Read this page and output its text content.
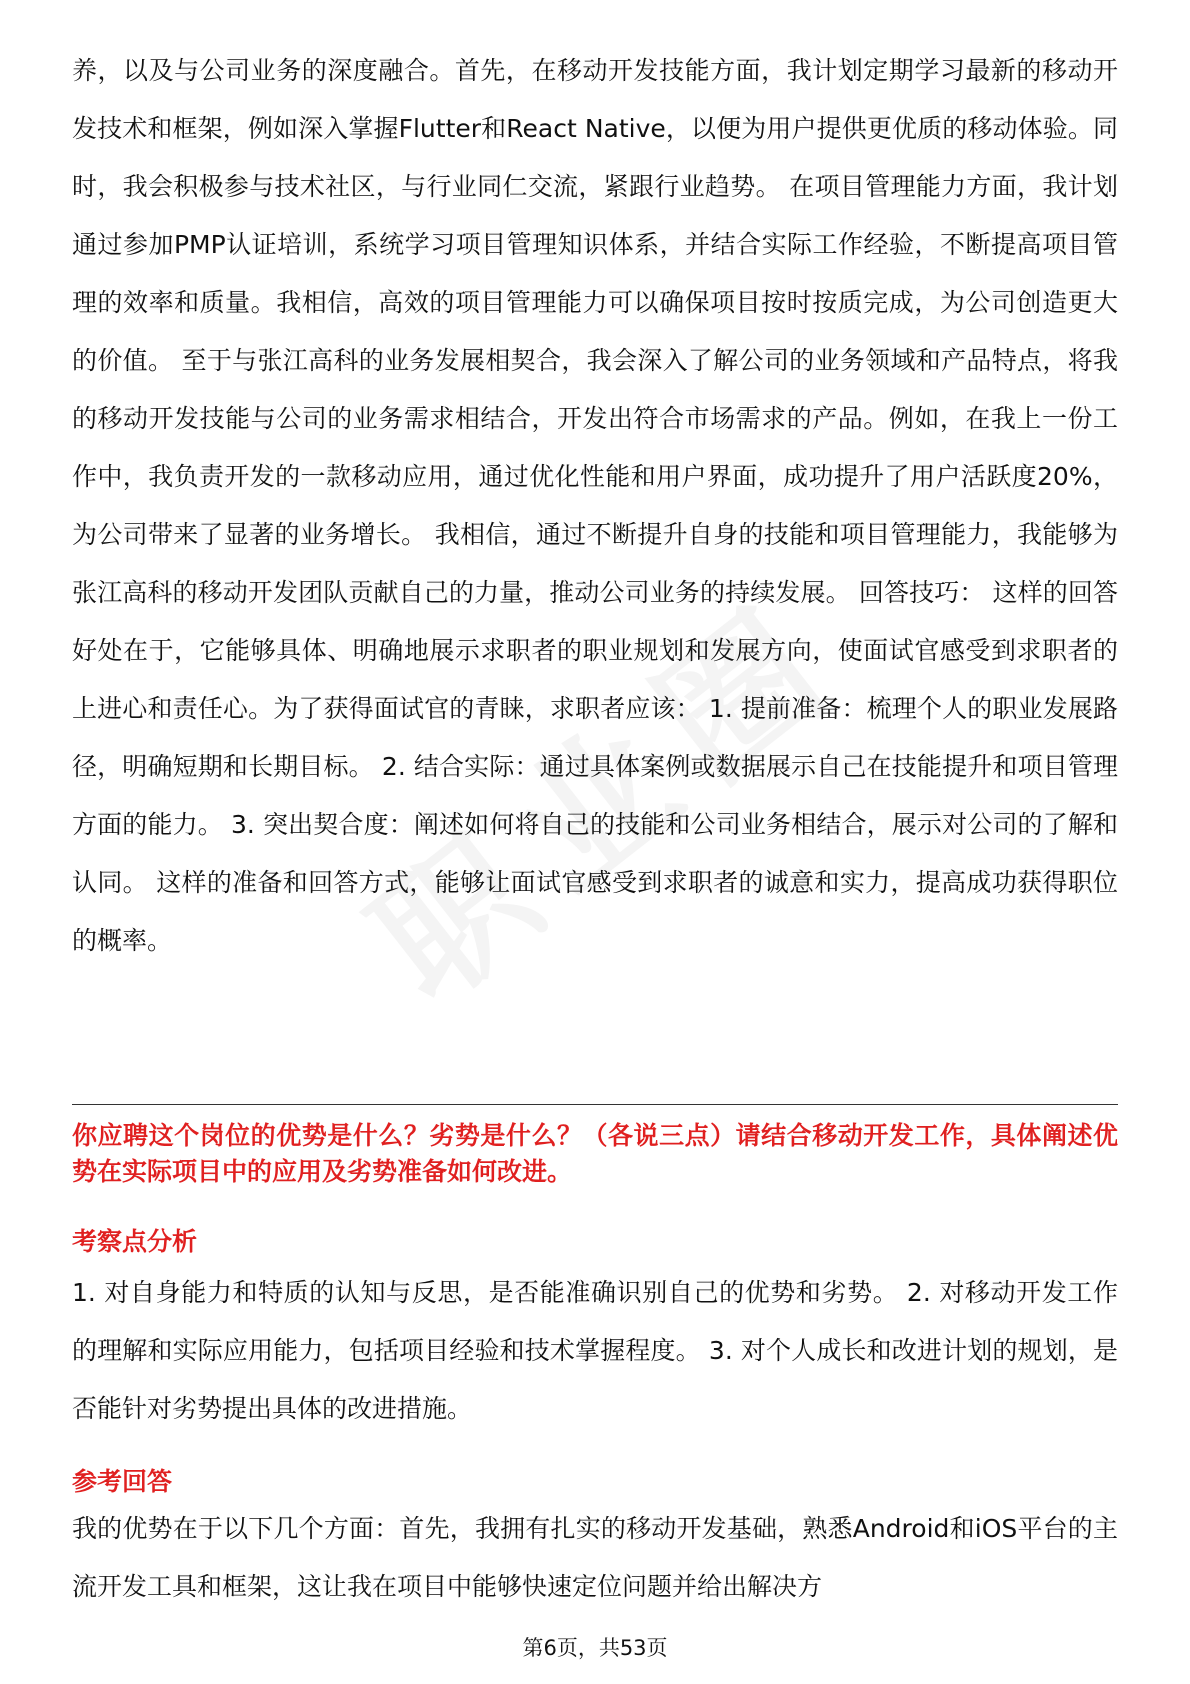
养，以及与公司业务的深度融合。首先，在移动开发技能方面，我计划定期学习最新的移动开发技术和框架，例如深入掌握Flutter和React Native，以便为用户提供更优质的移动体验。同时，我会积极参与技术社区，与行业同仁交流，紧跟行业趋势。 在项目管理能力方面，我计划通过参加PMP认证培训，系统学习项目管理知识体系，并结合实际工作经验，不断提高项目管理的效率和质量。我相信，高效的项目管理能力可以确保项目按时按质完成，为公司创造更大的价值。 至于与张江高科的业务发展相契合，我会深入了解公司的业务领域和产品特点，将我的移动开发技能与公司的业务需求相结合，开发出符合市场需求的产品。例如，在我上一份工作中，我负责开发的一款移动应用，通过优化性能和用户界面，成功提升了用户活跃度20%，为公司带来了显著的业务增长。 我相信，通过不断提升自身的技能和项目管理能力，我能够为张江高科的移动开发团队贡献自己的力量，推动公司业务的持续发展。 回答技巧： 这样的回答好处在于，它能够具体、明确地展示求职者的职业规划和发展方向，使面试官感受到求职者的上进心和责任心。为了获得面试官的青睐，求职者应该： 1. 提前准备：梳理个人的职业发展路径，明确短期和长期目标。 2. 结合实际：通过具体案例或数据展示自己在技能提升和项目管理方面的能力。 3. 突出契合度：阐述如何将自己的技能和公司业务相结合，展示对公司的了解和认同。 这样的准备和回答方式，能够让面试官感受到求职者的诚意和实力，提高成功获得职位的概率。

你应聘这个岗位的优势是什么？劣势是什么？（各说三点）请结合移动开发工作，具体阐述优势在实际项目中的应用及劣势准备如何改进。

考察点分析

1. 对自身能力和特质的认知与反思，是否能准确识别自己的优势和劣势。 2. 对移动开发工作的理解和实际应用能力，包括项目经验和技术掌握程度。 3. 对个人成长和改进计划的规划，是否能针对劣势提出具体的改进措施。

参考回答

我的优势在于以下几个方面：首先，我拥有扎实的移动开发基础，熟悉Android和iOS平台的主流开发工具和框架，这让我在项目中能够快速定位问题并给出解决方

第6页，共53页
